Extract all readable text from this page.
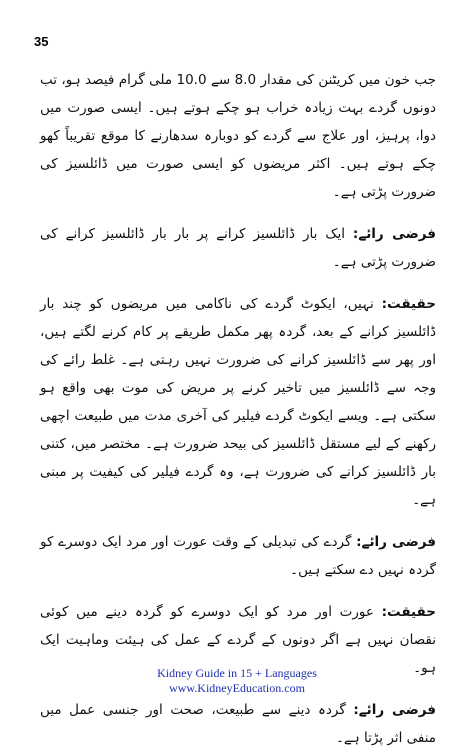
35

جب خون میں کریٹنن کی مقدار 8.0 سے 10.0 ملی گرام فیصد ہو، تب دونوں گردے بہت زیادہ خراب ہو چکے ہوتے ہیں۔ ایسی صورت میں دوا، پرہیز، اور علاج سے گردے کو دوبارہ سدھارنے کا موقع تقریباً کھو چکے ہوتے ہیں۔ اکثر مریضوں کو ایسی صورت میں ڈائلسیز کی ضرورت پڑتی ہے۔

فرضی رائے: ایک بار ڈائلسیز کرانے پر بار بار ڈائلسیز کرانے کی ضرورت پڑتی ہے۔

حقیقت: نہیں، ایکوٹ گردے کی ناکامی میں مریضوں کو چند بار ڈائلسیز کرانے کے بعد، گردہ پھر مکمل طریقے پر کام کرنے لگتے ہیں، اور پھر سے ڈائلسیز کرانے کی ضرورت نہیں رہتی ہے۔ غلط رائے کی وجہ سے ڈائلسیز میں تاخیر کرنے پر مریض کی موت بھی واقع ہو سکتی ہے۔ ویسے ایکوٹ گردے فیلیر کی آخری مدت میں طبیعت اچھی رکھنے کے لیے مستقل ڈائلسیز کی بیحد ضرورت ہے۔ مختصر میں، کتنی بار ڈائلسیز کرانے کی ضرورت ہے، وہ گردے فیلیر کی کیفیت پر مبنی ہے۔

فرضی رائے: گردے کی تبدیلی کے وقت عورت اور مرد ایک دوسرے کو گردہ نہیں دے سکتے ہیں۔

حقیقت: عورت اور مرد کو ایک دوسرے کو گردہ دینے میں کوئی نقصان نہیں ہے اگر دونوں کے گردے کے عمل کی ہیئت وماہیت ایک ہو۔

فرضی رائے: گردہ دینے سے طبیعت، صحت اور جنسی عمل میں منفی اثر پڑتا ہے۔

Kidney Guide in 15 + Languages
www.KidneyEducation.com
